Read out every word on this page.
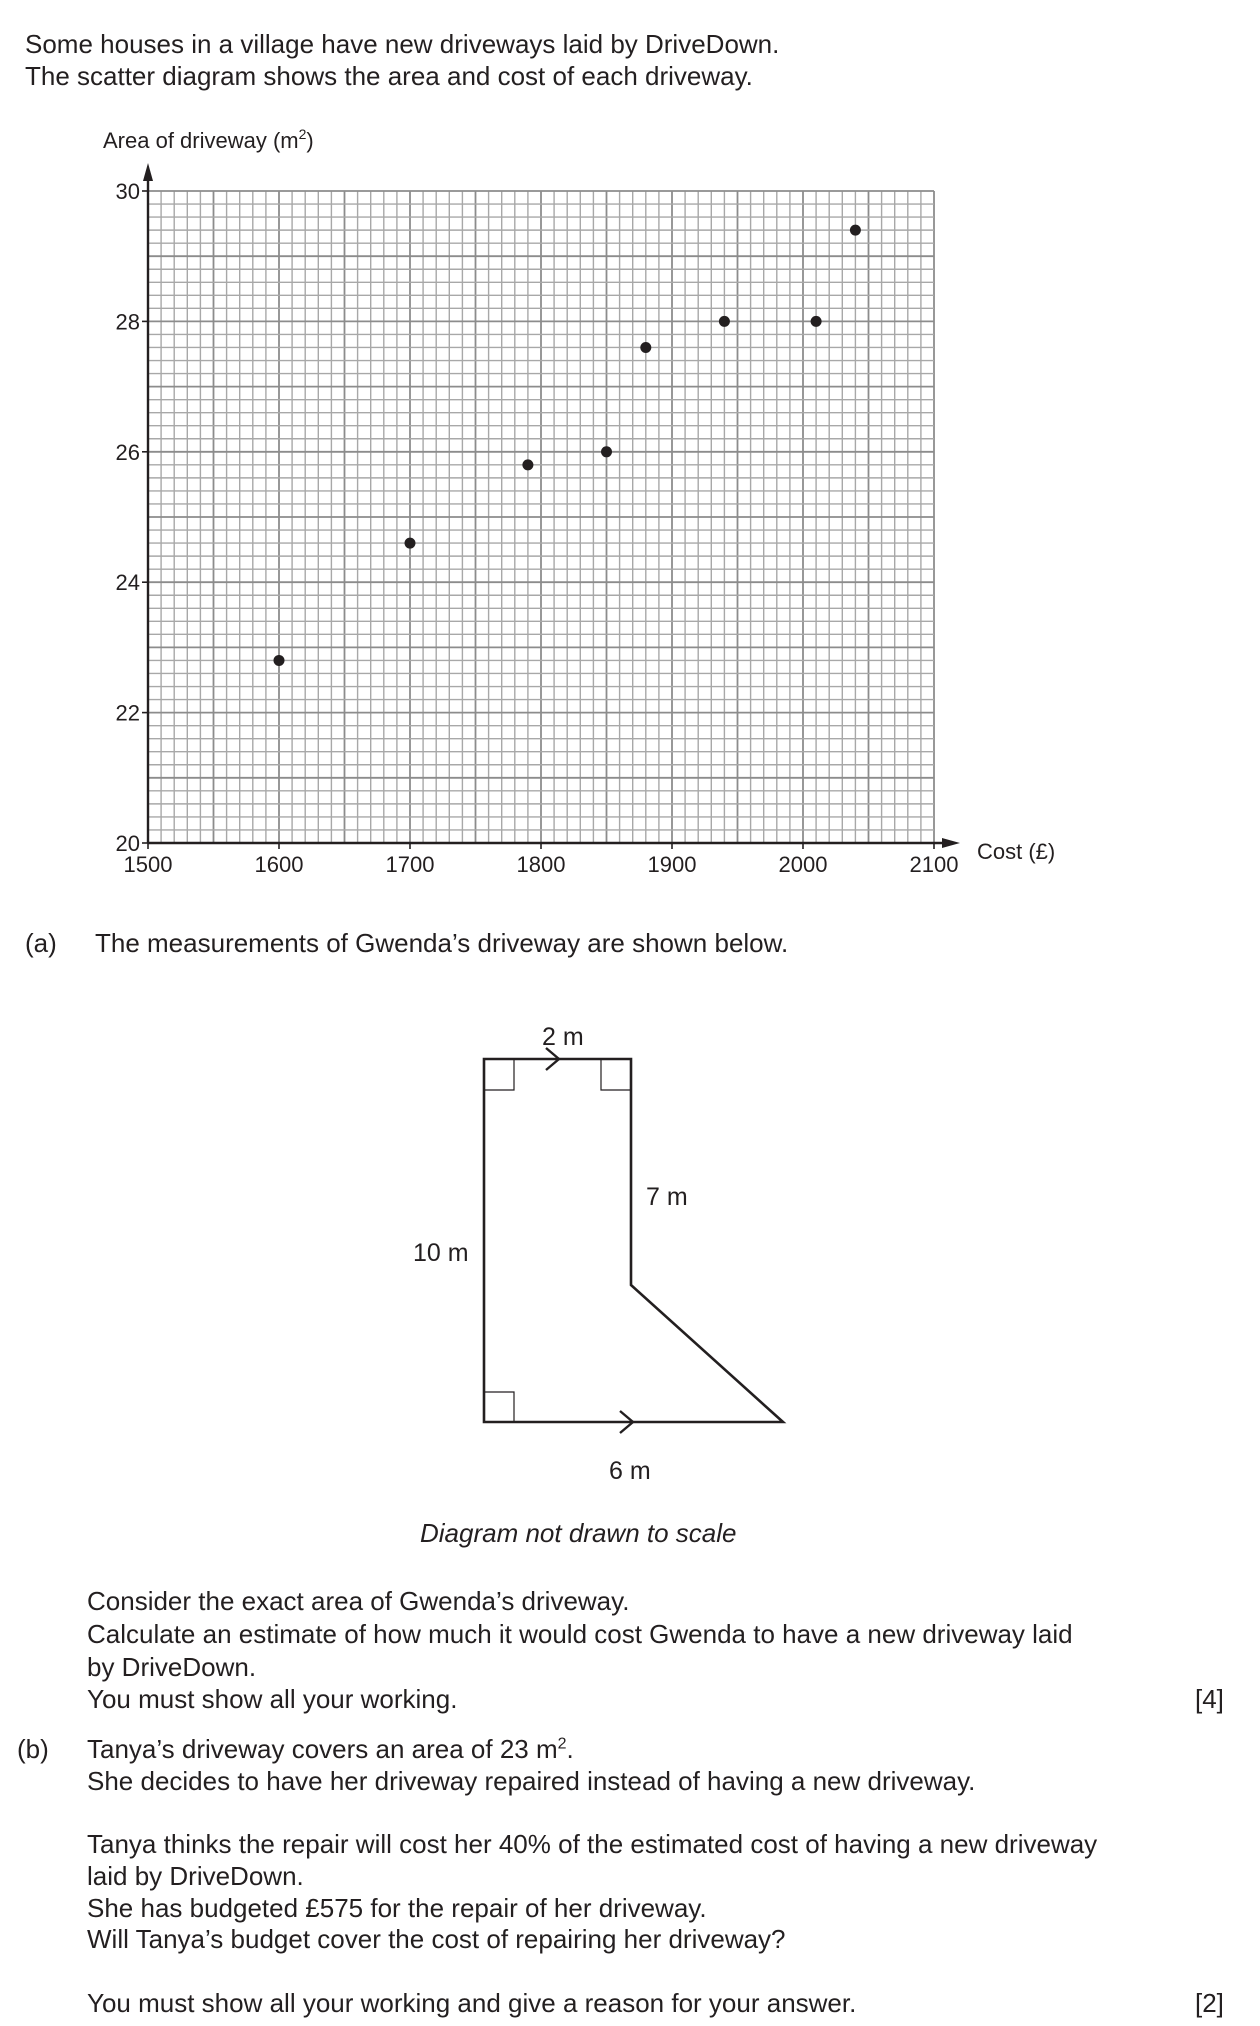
Some houses in a village have new driveways laid by DriveDown.
The scatter diagram shows the area and cost of each driveway.
Area of driveway $(m^2)$
1500	1600	1700	1800	1900	2000	2100
20
22
24
26
28
30
Cost (£)
(a) The measurements of Gwenda’s driveway are shown below.
2 m
7 m
10 m
6 m
Diagram not drawn to scale
Consider the exact area of Gwenda’s driveway.
Calculate an estimate of how much it would cost Gwenda to have a new driveway laid
by DriveDown.
You must show all your working.	[4]
(b) Tanya’s driveway covers an area of 23 $m^2$.
She decides to have her driveway repaired instead of having a new driveway.
Tanya thinks the repair will cost her 40% of the estimated cost of having a new driveway
laid by DriveDown.
She has budgeted £575 for the repair of her driveway.
Will Tanya’s budget cover the cost of repairing her driveway?
You must show all your working and give a reason for your answer.	[2]
